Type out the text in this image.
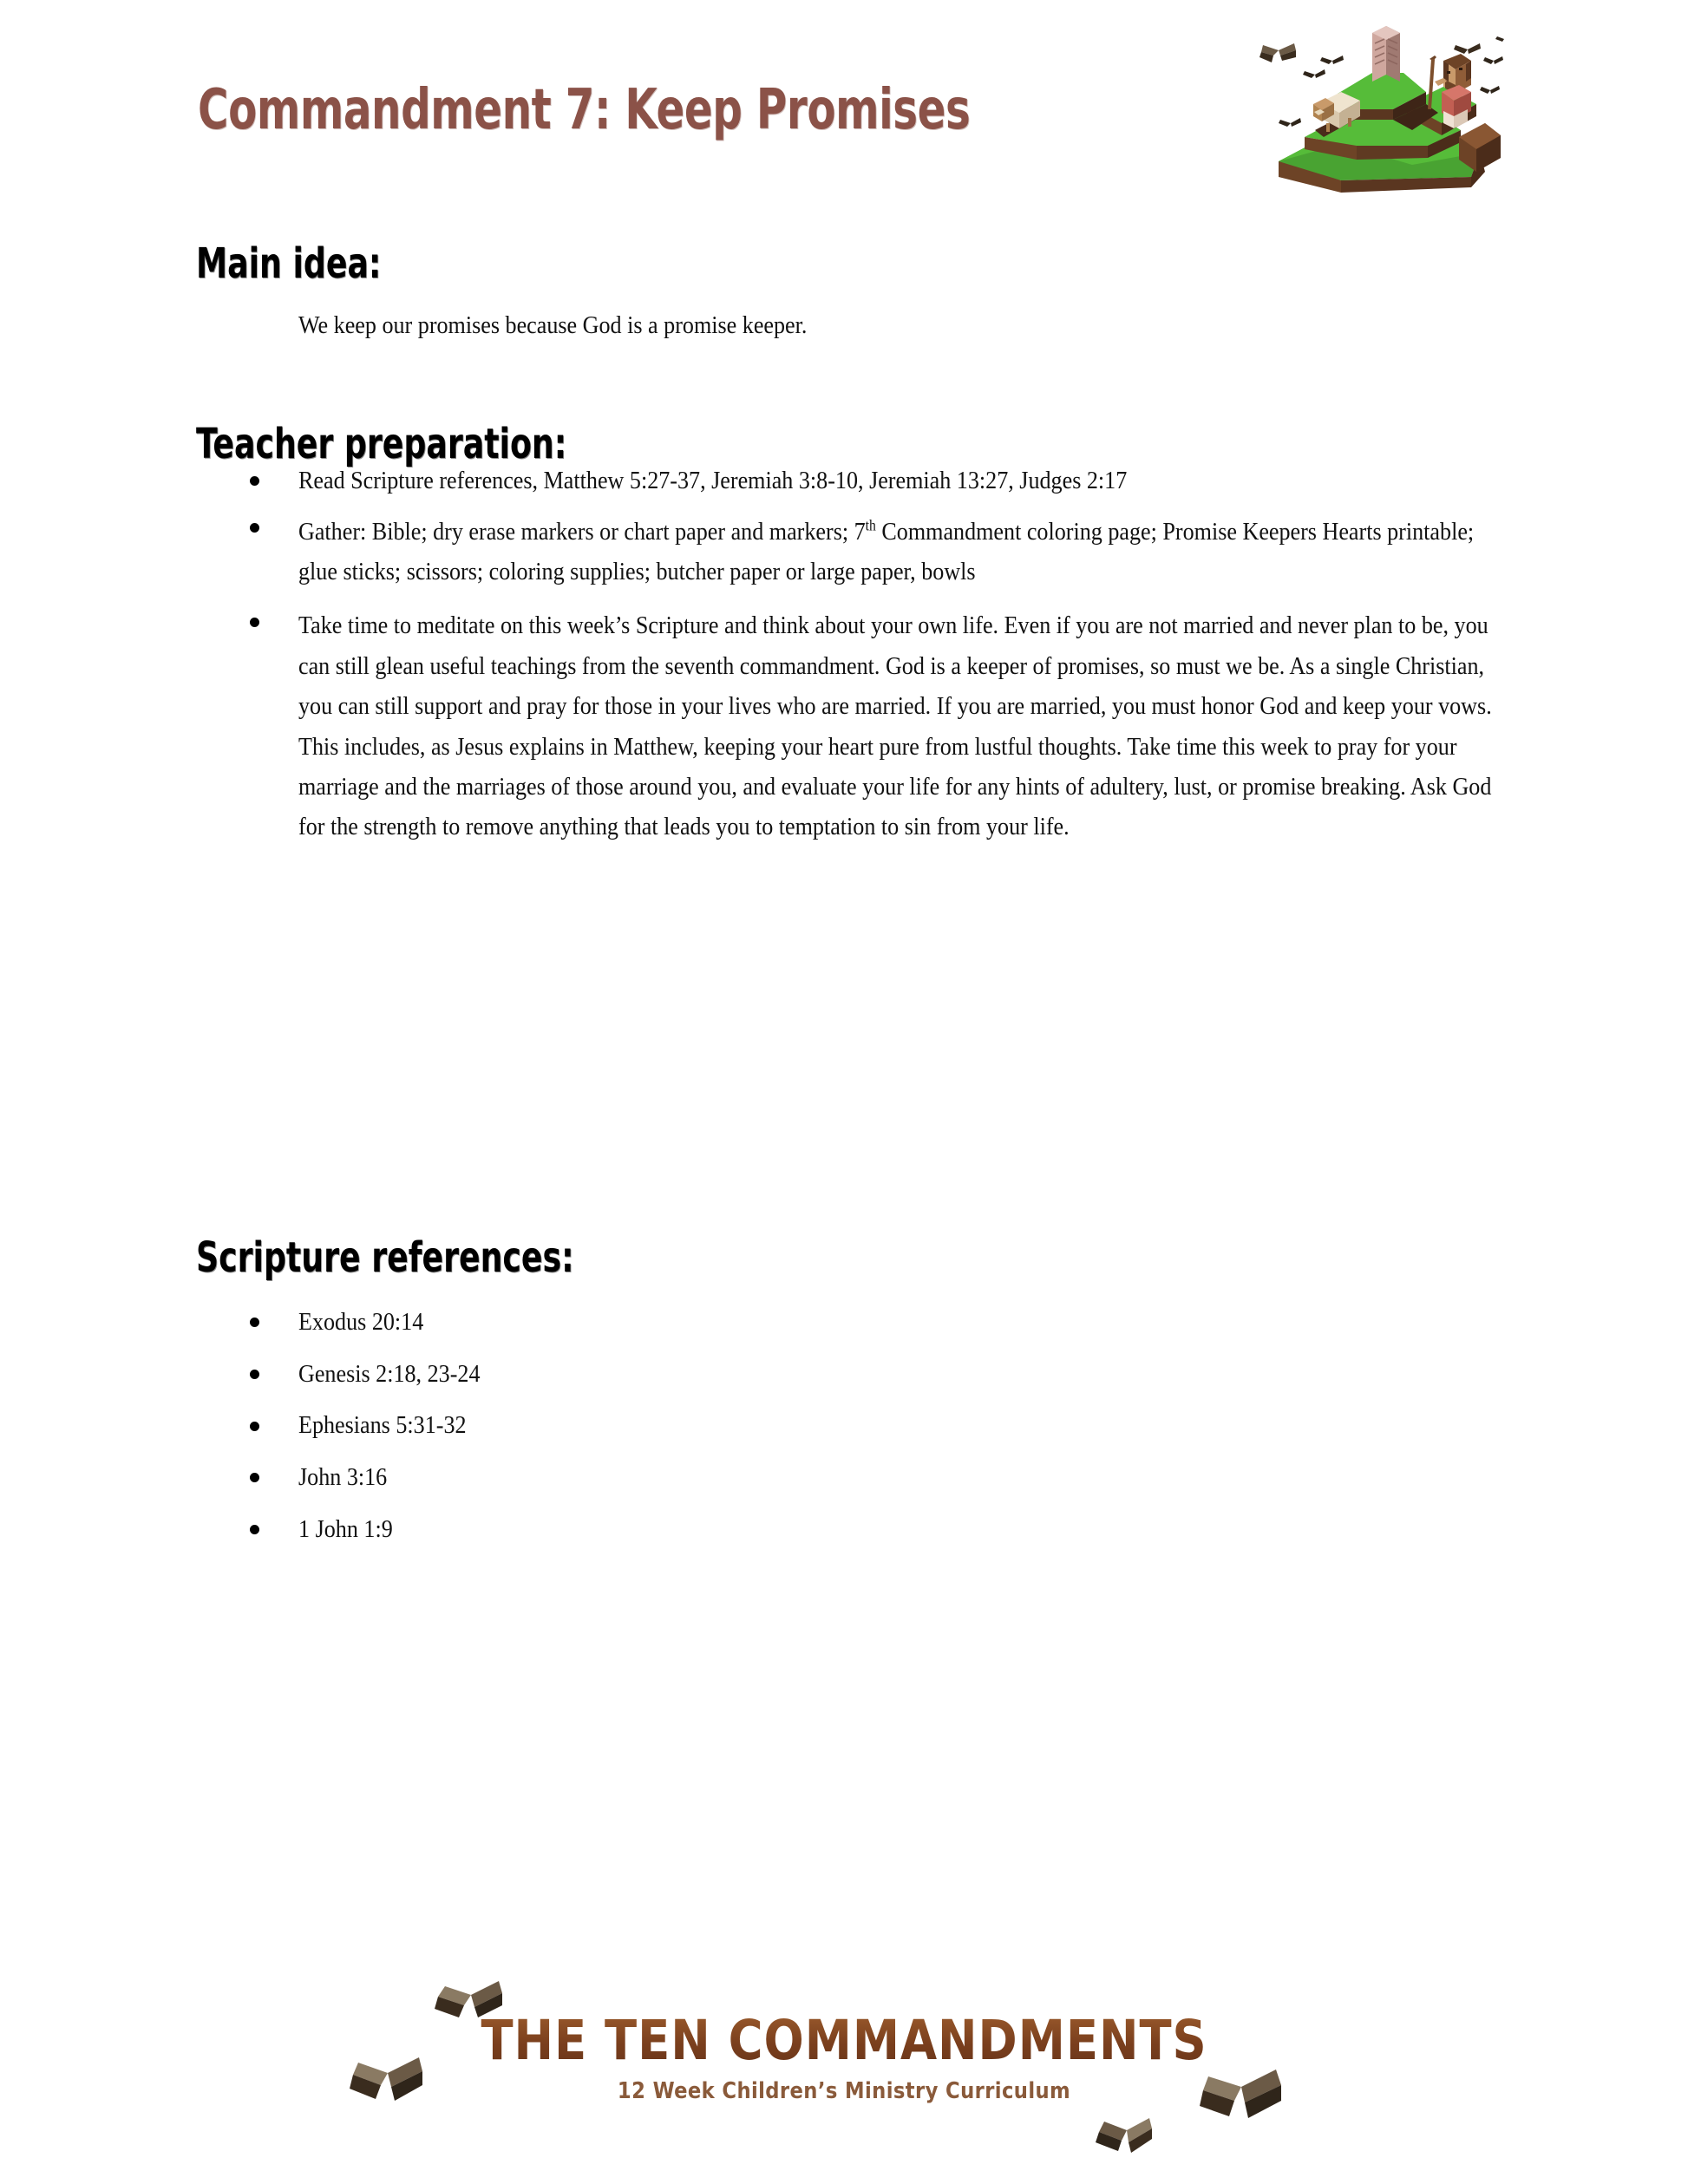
Commandment 7: Keep Promises
Main idea:

We keep our promises because God is a promise keeper.

Teacher preparation:
Read Scripture references, Matthew 5:27-37, Jeremiah 3:8-10, Jeremiah 13:27, Judges 2:17
Gather: Bible; dry erase markers or chart paper and markers; 7th Commandment coloring page; Promise Keepers Hearts printable; glue sticks; scissors; coloring supplies; butcher paper or large paper, bowls
Take time to meditate on this week’s Scripture and think about your own life. Even if you are not married and never plan to be, you can still glean useful teachings from the seventh commandment. God is a keeper of promises, so must we be. As a single Christian, you can still support and pray for those in your lives who are married. If you are married, you must honor God and keep your vows. This includes, as Jesus explains in Matthew, keeping your heart pure from lustful thoughts. Take time this week to pray for your marriage and the marriages of those around you, and evaluate your life for any hints of adultery, lust, or promise breaking. Ask God for the strength to remove anything that leads you to temptation to sin from your life.
Scripture references:
Exodus 20:14
Genesis 2:18, 23-24
Ephesians 5:31-32
John 3:16
1 John 1:9
THE TEN COMMANDMENTS
12 Week Children’s Ministry Curriculum
